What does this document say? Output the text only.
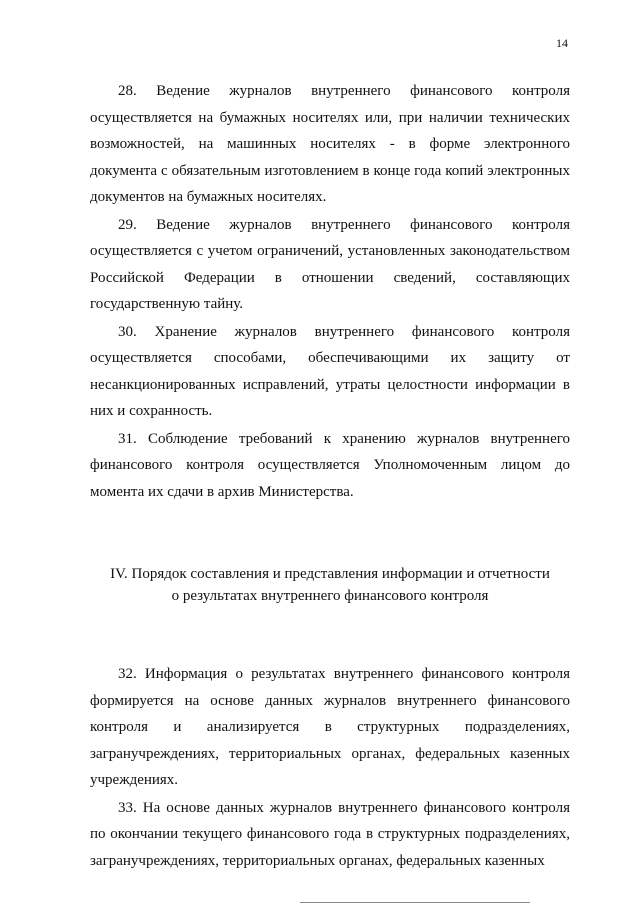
14

28. Ведение журналов внутреннего финансового контроля осуществляется на бумажных носителях или, при наличии технических возможностей, на машинных носителях - в форме электронного документа с обязательным изготовлением в конце года копий электронных документов на бумажных носителях.

29. Ведение журналов внутреннего финансового контроля осуществляется с учетом ограничений, установленных законодательством Российской Федерации в отношении сведений, составляющих государственную тайну.

30. Хранение журналов внутреннего финансового контроля осуществляется способами, обеспечивающими их защиту от несанкционированных исправлений, утраты целостности информации в них и сохранность.

31. Соблюдение требований к хранению журналов внутреннего финансового контроля осуществляется Уполномоченным лицом до момента их сдачи в архив Министерства.

IV. Порядок составления и представления информации и отчетности
о результатах внутреннего финансового контроля

32. Информация о результатах внутреннего финансового контроля формируется на основе данных журналов внутреннего финансового контроля и анализируется в структурных подразделениях, загранучреждениях, территориальных органах, федеральных казенных учреждениях.

33. На основе данных журналов внутреннего финансового контроля по окончании текущего финансового года в структурных подразделениях, загранучреждениях, территориальных органах, федеральных казенных
